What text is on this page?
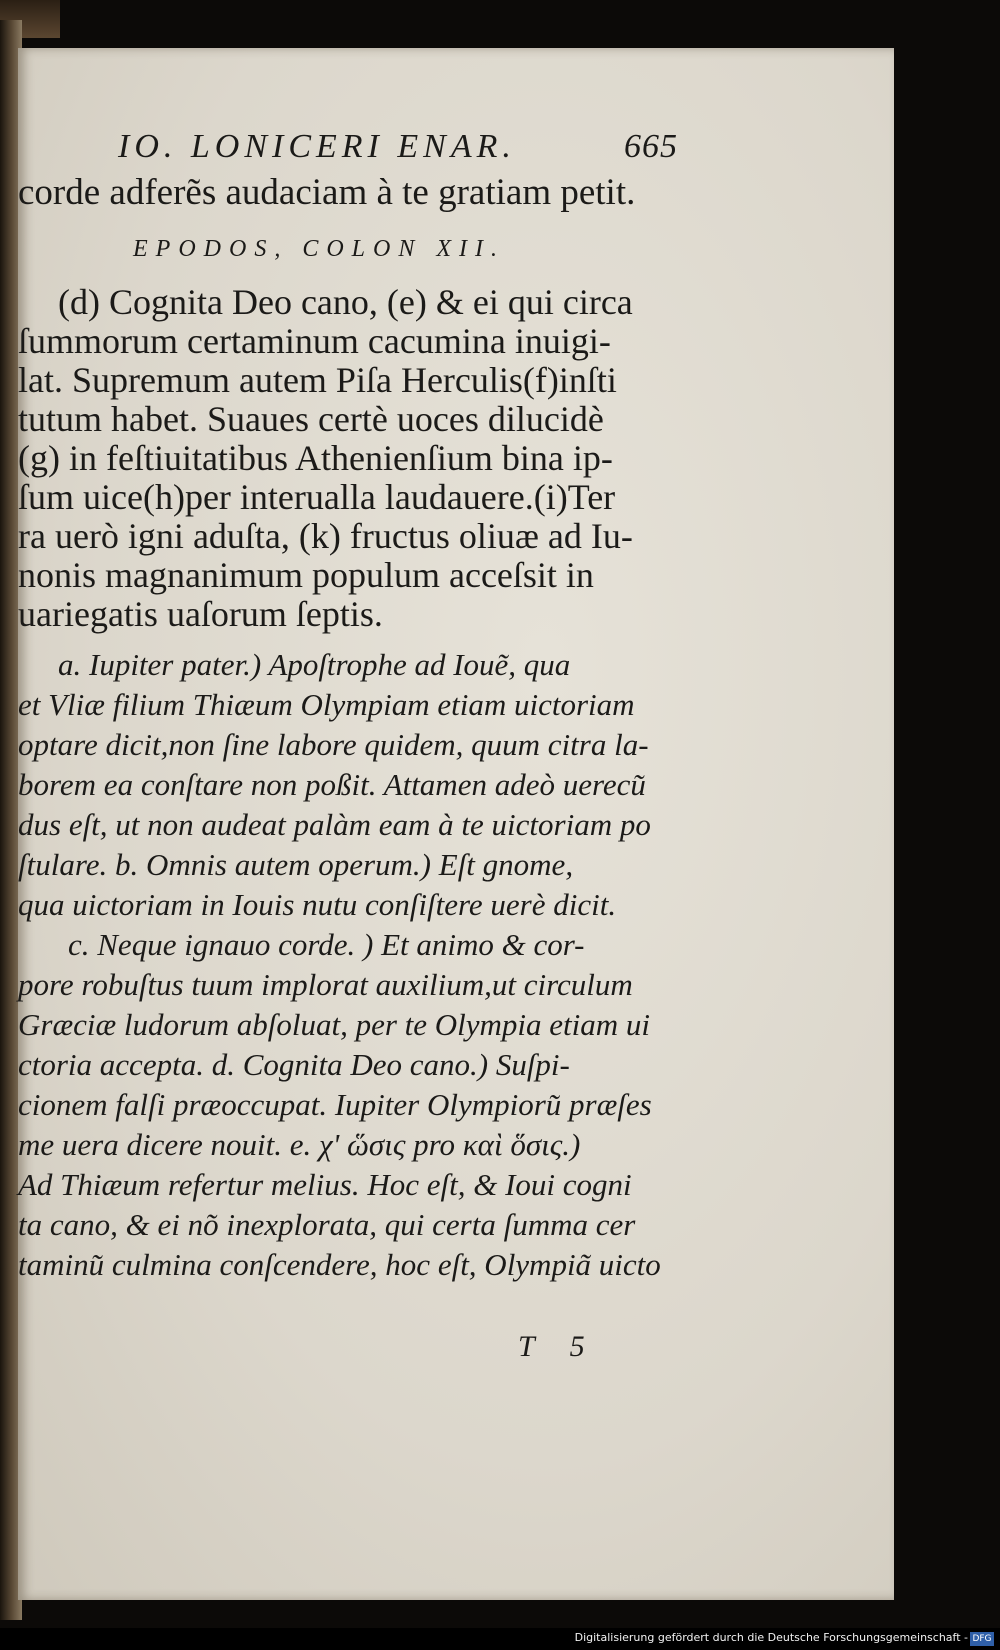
IO. LONICERI ENAR.	665
corde adferẽs audaciam à te gratiam petit.
EPODOS, COLON XII.
(d) Cognita Deo cano, (e) & ei qui circa
ſummorum certaminum cacumina inuigi-
lat. Supremum autem Piſa Herculis(f)inſti
tutum habet. Suaues certè uoces dilucidè
(g) in feſtiuitatibus Athenienſium bina ip-
ſum uice(h)per interualla laudauere.(i)Ter
ra uerò igni aduſta, (k) fructus oliuæ ad Iu-
nonis magnanimum populum acceſsit in
uariegatis uaſorum ſeptis.
a. Iupiter pater.) Apoſtrophe ad Ioue͂, qua
et Vliæ filium Thiæum Olympiam etiam uictoriam
optare dicit,non ſine labore quidem, quum citra la-
borem ea conſtare non poßit. Attamen adeò uerecu͂
dus eſt, ut non audeat palàm eam à te uictoriam po
ſtulare. b. Omnis autem operum.) Eſt gnome,
qua uictoriam in Iouis nutu conſiſtere uerè dicit.
c. Neque ignauo corde. ) Et animo & cor-
pore robuſtus tuum implorat auxilium,ut circulum
Græciæ ludorum abſoluat, per te Olympia etiam ui
ctoria accepta. d. Cognita Deo cano.) Suſpi-
cionem falſi præoccupat. Iupiter Olympioru͂ præſes
me uera dicere nouit. e. χ' ὥσις pro καὶ ὅσις.)
Ad Thiæum refertur melius. Hoc eſt, & Ioui cogni
ta cano, & ei no͂ inexplorata, qui certa ſumma cer
taminu͂ culmina conſcendere, hoc eſt, Olympia͂ uicto
T 5
Digitalisierung gefördert durch die Deutsche Forschungsgemeinschaft - DFG
